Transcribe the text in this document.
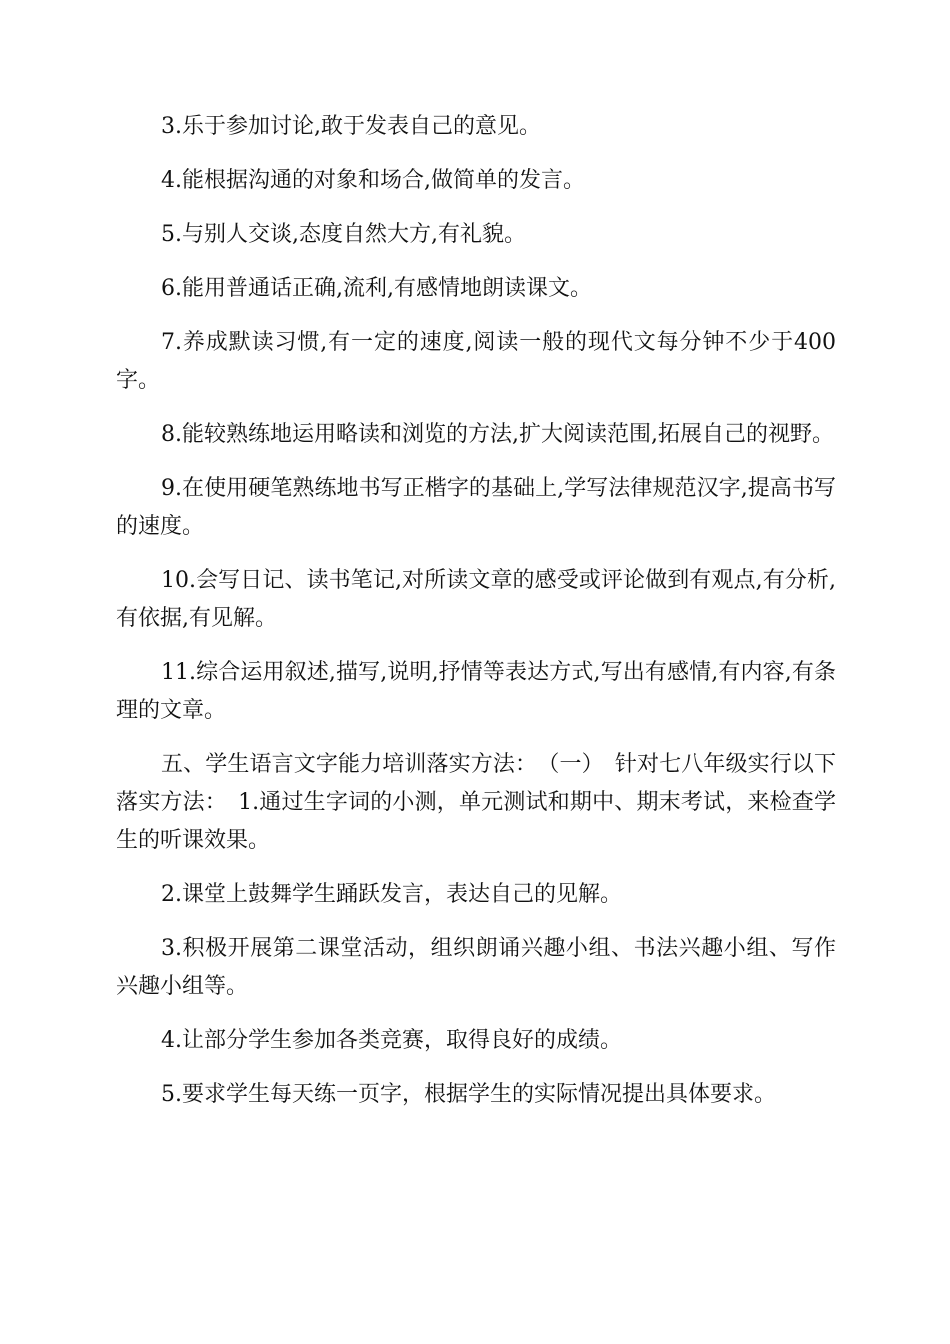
3.乐于参加讨论,敢于发表自己的意见。

4.能根据沟通的对象和场合,做简单的发言。

5.与别人交谈,态度自然大方,有礼貌。

6.能用普通话正确,流利,有感情地朗读课文。

7.养成默读习惯,有一定的速度,阅读一般的现代文每分钟不少于400字。

8.能较熟练地运用略读和浏览的方法,扩大阅读范围,拓展自己的视野。

9.在使用硬笔熟练地书写正楷字的基础上,学写法律规范汉字,提高书写的速度。

10.会写日记、读书笔记,对所读文章的感受或评论做到有观点,有分析,有依据,有见解。

11.综合运用叙述,描写,说明,抒情等表达方式,写出有感情,有内容,有条理的文章。

五、学生语言文字能力培训落实方法：　（一）　针对七八年级实行以下落实方法：　1.通过生字词的小测，单元测试和期中、期末考试，来检查学生的听课效果。

2.课堂上鼓舞学生踊跃发言，表达自己的见解。

3.积极开展第二课堂活动，组织朗诵兴趣小组、书法兴趣小组、写作兴趣小组等。

4.让部分学生参加各类竞赛，取得良好的成绩。

5.要求学生每天练一页字，根据学生的实际情况提出具体要求。
